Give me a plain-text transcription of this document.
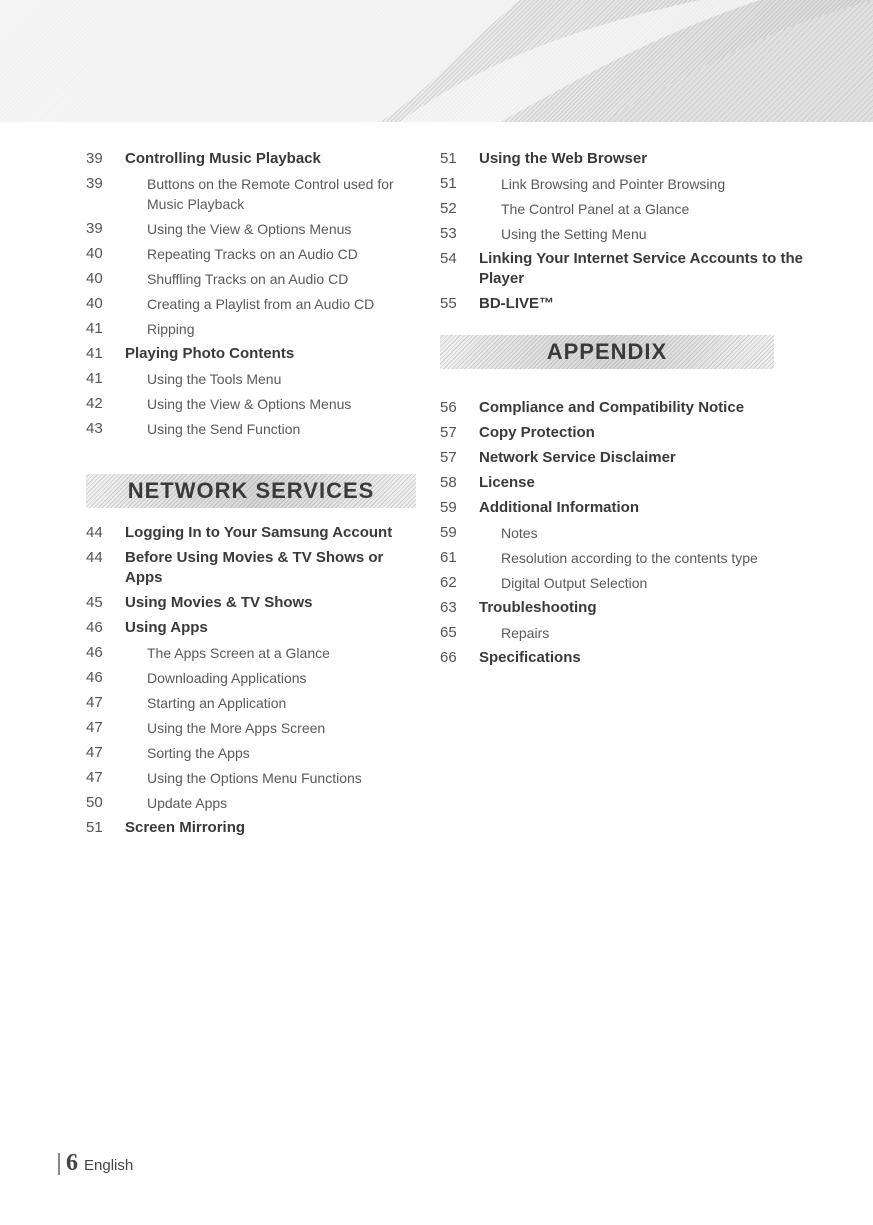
39	Controlling Music Playback
39	Buttons on the Remote Control used for Music Playback
39	Using the View & Options Menus
40	Repeating Tracks on an Audio CD
40	Shuffling Tracks on an Audio CD
40	Creating a Playlist from an Audio CD
41	Ripping
41	Playing Photo Contents
41	Using the Tools Menu
42	Using the View & Options Menus
43	Using the Send Function
NETWORK SERVICES
44	Logging In to Your Samsung Account
44	Before Using Movies & TV Shows or Apps
45	Using Movies & TV Shows
46	Using Apps
46	The Apps Screen at a Glance
46	Downloading Applications
47	Starting an Application
47	Using the More Apps Screen
47	Sorting the Apps
47	Using the Options Menu Functions
50	Update Apps
51	Screen Mirroring
51	Using the Web Browser
51	Link Browsing and Pointer Browsing
52	The Control Panel at a Glance
53	Using the Setting Menu
54	Linking Your Internet Service Accounts to the Player
55	BD-LIVE™
APPENDIX
56	Compliance and Compatibility Notice
57	Copy Protection
57	Network Service Disclaimer
58	License
59	Additional Information
59	Notes
61	Resolution according to the contents type
62	Digital Output Selection
63	Troubleshooting
65	Repairs
66	Specifications
6 English
